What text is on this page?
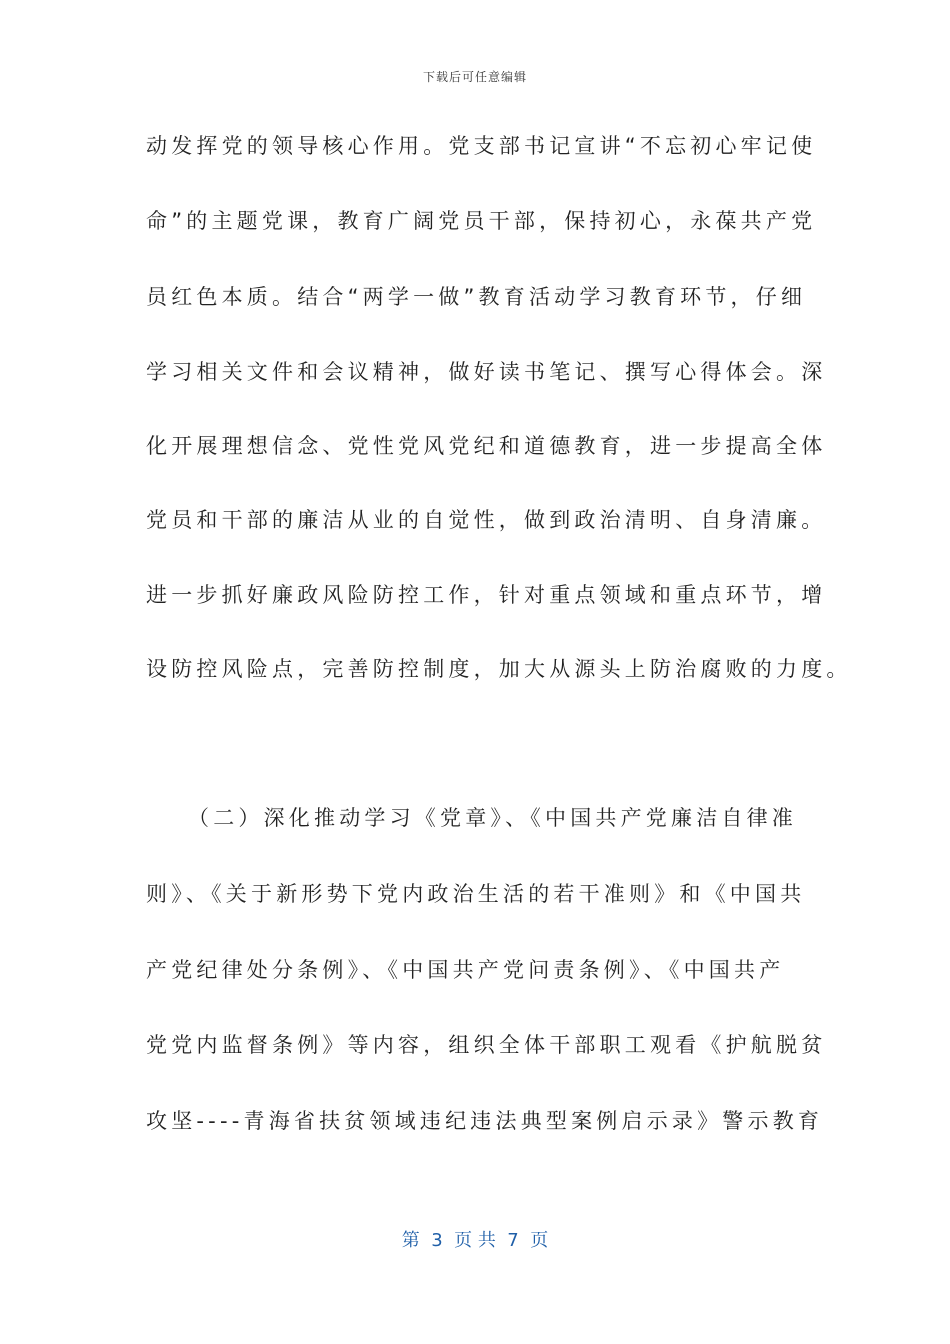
下载后可任意编辑
动发挥党的领导核心作用。党支部书记宣讲“不忘初心牢记使
命”的主题党课，教育广阔党员干部，保持初心，永葆共产党
员红色本质。结合“两学一做”教育活动学习教育环节，仔细
学习相关文件和会议精神，做好读书笔记、撰写心得体会。深
化开展理想信念、党性党风党纪和道德教育，进一步提高全体
党员和干部的廉洁从业的自觉性，做到政治清明、自身清廉。
进一步抓好廉政风险防控工作，针对重点领域和重点环节，增
设防控风险点，完善防控制度，加大从源头上防治腐败的力度。
（二）深化推动学习《党章》、《中国共产党廉洁自律准
则》、《关于新形势下党内政治生活的若干准则》和《中国共
产党纪律处分条例》、《中国共产党问责条例》、《中国共产
党党内监督条例》等内容，组织全体干部职工观看《护航脱贫
攻坚----青海省扶贫领域违纪违法典型案例启示录》警示教育
第  3  页 共  7  页
